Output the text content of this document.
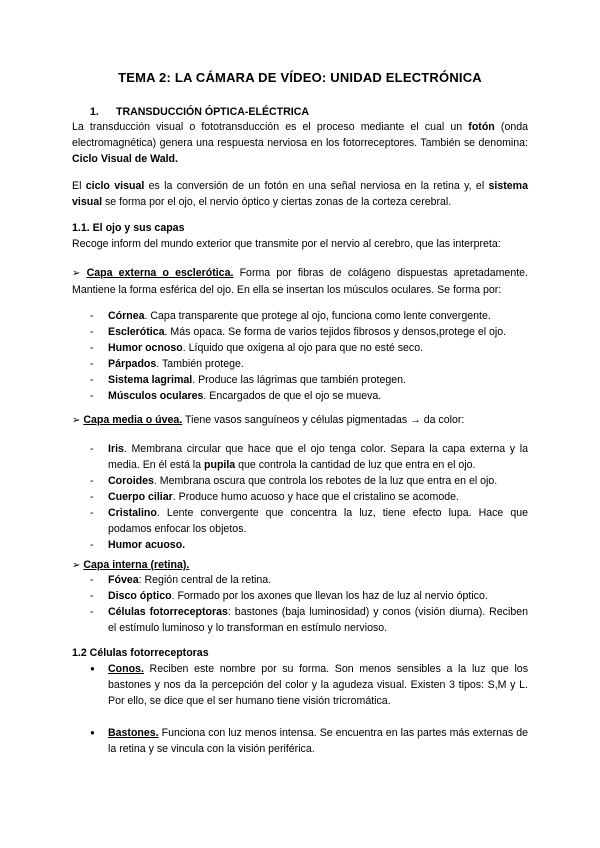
TEMA 2: LA CÁMARA DE VÍDEO: UNIDAD ELECTRÓNICA
1. TRANSDUCCIÓN ÓPTICA-ELÉCTRICA
La transducción visual o fototransducción es el proceso mediante el cual un fotón (onda electromagnética) genera una respuesta nerviosa en los fotorreceptores. También se denomina: Ciclo Visual de Wald.
El ciclo visual es la conversión de un fotón en una señal nerviosa en la retina y, el sistema visual se forma por el ojo, el nervio óptico y ciertas zonas de la corteza cerebral.
1.1. El ojo y sus capas
Recoge inform del mundo exterior que transmite por el nervio al cerebro, que las interpreta:
➢ Capa externa o esclerótica. Forma por fibras de colágeno dispuestas apretadamente. Mantiene la forma esférica del ojo. En ella se insertan los músculos oculares. Se forma por:
- Córnea. Capa transparente que protege al ojo, funciona como lente convergente.
- Esclerótica. Más opaca. Se forma de varios tejidos fibrosos y densos,protege el ojo.
- Humor ocnoso. Líquido que oxigena al ojo para que no esté seco.
- Párpados. También protege.
- Sistema lagrimal. Produce las lágrimas que también protegen.
- Músculos oculares. Encargados de que el ojo se mueva.
➢ Capa media o úvea. Tiene vasos sanguíneos y células pigmentadas → da color:
- Iris. Membrana circular que hace que el ojo tenga color. Separa la capa externa y la media. En él está la pupila que controla la cantidad de luz que entra en el ojo.
- Coroides. Membrana oscura que controla los rebotes de la luz que entra en el ojo.
- Cuerpo ciliar. Produce humo acuoso y hace que el cristalino se acomode.
- Cristalino. Lente convergente que concentra la luz, tiene efecto lupa. Hace que podamos enfocar los objetos.
- Humor acuoso.
➢ Capa interna (retina).
- Fóvea: Región central de la retina.
- Disco óptico. Formado por los axones que llevan los haz de luz al nervio óptico.
- Células fotorreceptoras: bastones (baja luminosidad) y conos (visión diurna). Reciben el estímulo luminoso y lo transforman en estímulo nervioso.
1.2 Células fotorreceptoras
● Conos. Reciben este nombre por su forma. Son menos sensibles a la luz que los bastones y nos da la percepción del color y la agudeza visual. Existen 3 tipos: S,M y L. Por ello, se dice que el ser humano tiene visión tricromática.
● Bastones. Funciona con luz menos intensa. Se encuentra en las partes más externas de la retina y se vincula con la visión periférica.
